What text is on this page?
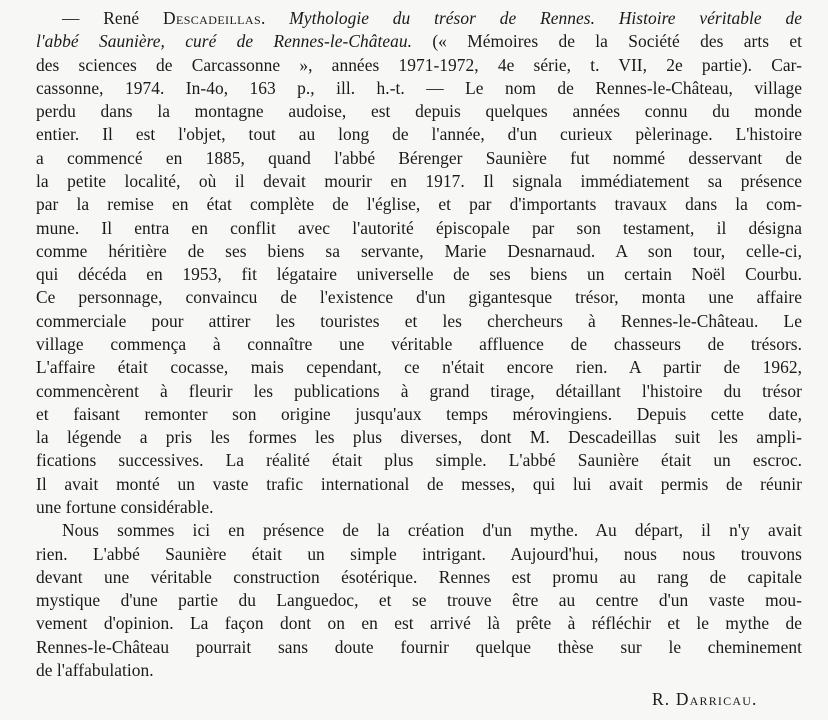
— René Descadeillas. Mythologie du trésor de Rennes. Histoire véritable de
l'abbé Saunière, curé de Rennes-le-Château. (« Mémoires de la Société des arts et
des sciences de Carcassonne », années 1971-1972, 4e série, t. VII, 2e partie). Car-
cassonne, 1974. In-4o, 163 p., ill. h.-t. — Le nom de Rennes-le-Château, village
perdu dans la montagne audoise, est depuis quelques années connu du monde
entier. Il est l'objet, tout au long de l'année, d'un curieux pèlerinage. L'histoire
a commencé en 1885, quand l'abbé Bérenger Saunière fut nommé desservant de
la petite localité, où il devait mourir en 1917. Il signala immédiatement sa présence
par la remise en état complète de l'église, et par d'importants travaux dans la com-
mune. Il entra en conflit avec l'autorité épiscopale par son testament, il désigna
comme héritière de ses biens sa servante, Marie Desnarnaud. A son tour, celle-ci,
qui décéda en 1953, fit légataire universelle de ses biens un certain Noël Courbu.
Ce personnage, convaincu de l'existence d'un gigantesque trésor, monta une affaire
commerciale pour attirer les touristes et les chercheurs à Rennes-le-Château. Le
village commença à connaître une véritable affluence de chasseurs de trésors.
L'affaire était cocasse, mais cependant, ce n'était encore rien. A partir de 1962,
commencèrent à fleurir les publications à grand tirage, détaillant l'histoire du trésor
et faisant remonter son origine jusqu'aux temps mérovingiens. Depuis cette date,
la légende a pris les formes les plus diverses, dont M. Descadeillas suit les ampli-
fications successives. La réalité était plus simple. L'abbé Saunière était un escroc.
Il avait monté un vaste trafic international de messes, qui lui avait permis de réunir
une fortune considérable.
Nous sommes ici en présence de la création d'un mythe. Au départ, il n'y avait
rien. L'abbé Saunière était un simple intrigant. Aujourd'hui, nous nous trouvons
devant une véritable construction ésotérique. Rennes est promu au rang de capitale
mystique d'une partie du Languedoc, et se trouve être au centre d'un vaste mou-
vement d'opinion. La façon dont on en est arrivé là prête à réfléchir et le mythe de
Rennes-le-Château pourrait sans doute fournir quelque thèse sur le cheminement
de l'affabulation.
R. Darricau.
